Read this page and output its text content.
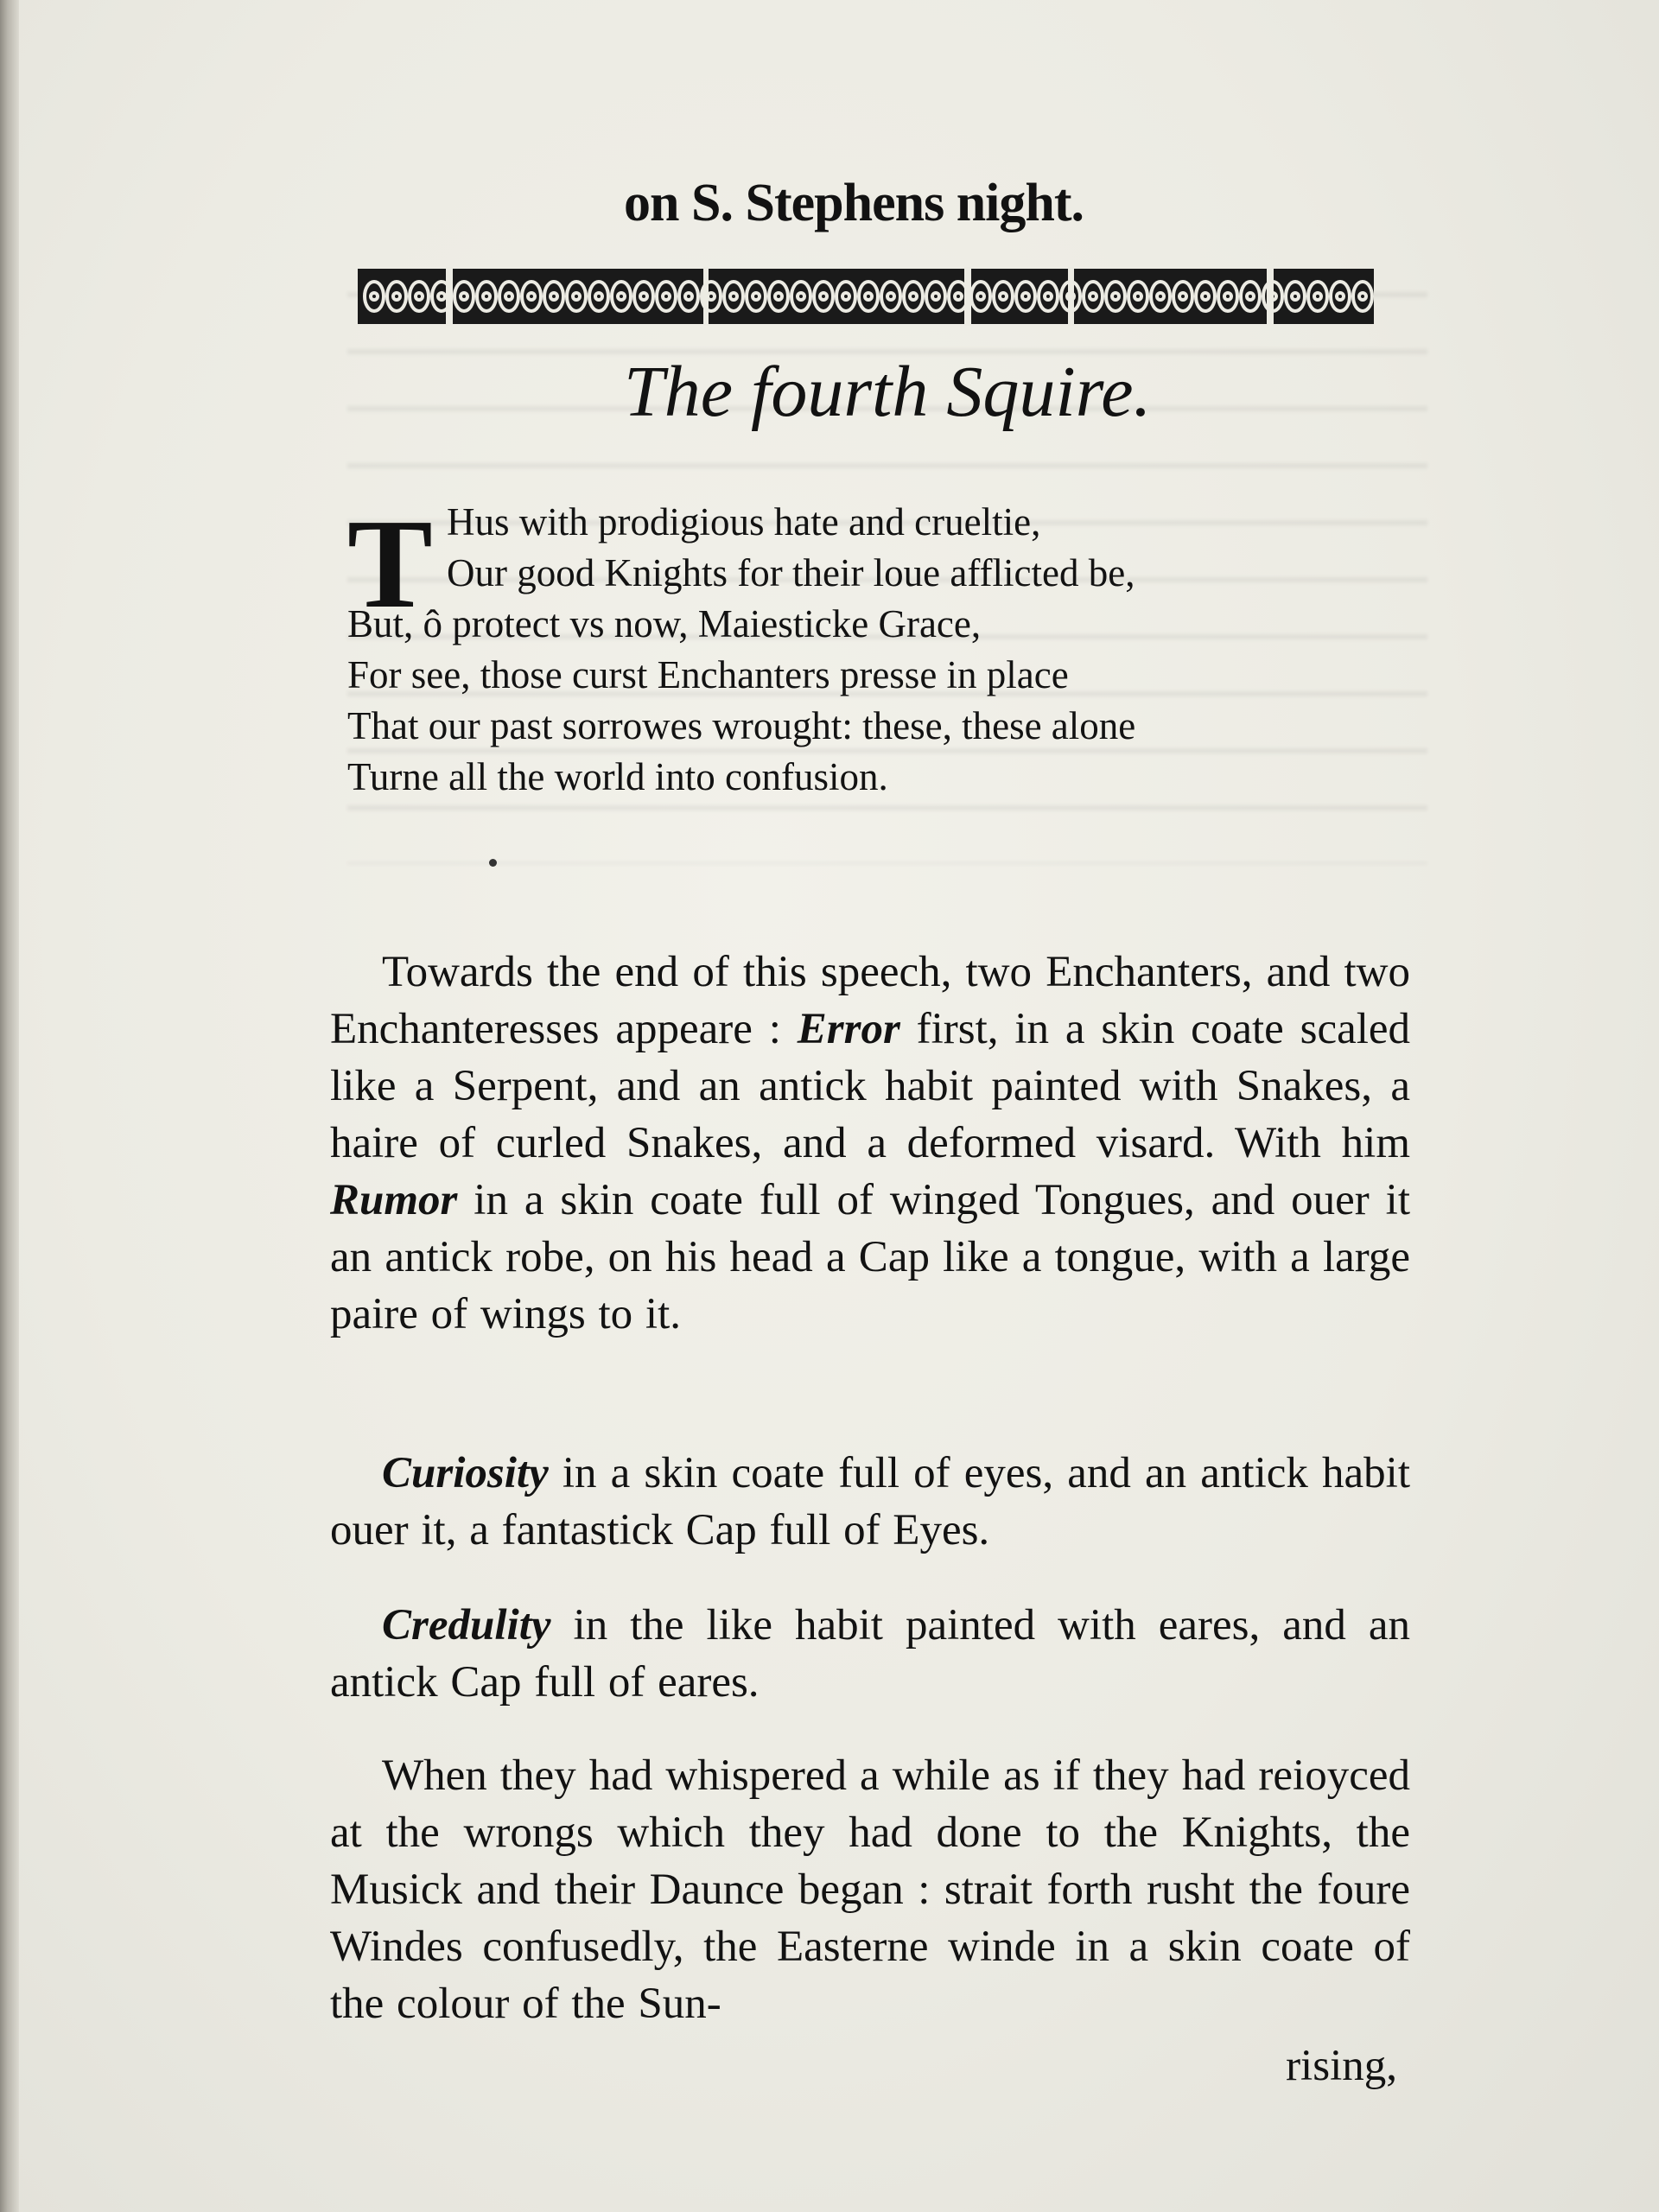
on S. Stephens night.
The fourth Squire.
T Hus with prodigious hate and crueltie,
Our good Knights for their loue afflicted be,
But, ô protect vs now, Maiesticke Grace,
For see, those curst Enchanters presse in place
That our past sorrowes wrought: these, these alone
Turne all the world into confusion.
Towards the end of this speech, two Enchanters, and two Enchanteresses appeare : Error first, in a skin coate scaled like a Serpent, and an antick habit painted with Snakes, a haire of curled Snakes, and a deformed visard. With him Rumor in a skin coate full of winged Tongues, and ouer it an antick robe, on his head a Cap like a tongue, with a large paire of wings to it.
Curiosity in a skin coate full of eyes, and an antick habit ouer it, a fantastick Cap full of Eyes.
Credulity in the like habit painted with eares, and an antick Cap full of eares.
When they had whispered a while as if they had reioyced at the wrongs which they had done to the Knights, the Musick and their Daunce began : strait forth rusht the foure Windes confusedly, the Easterne winde in a skin coate of the colour of the Sun-
rising,
